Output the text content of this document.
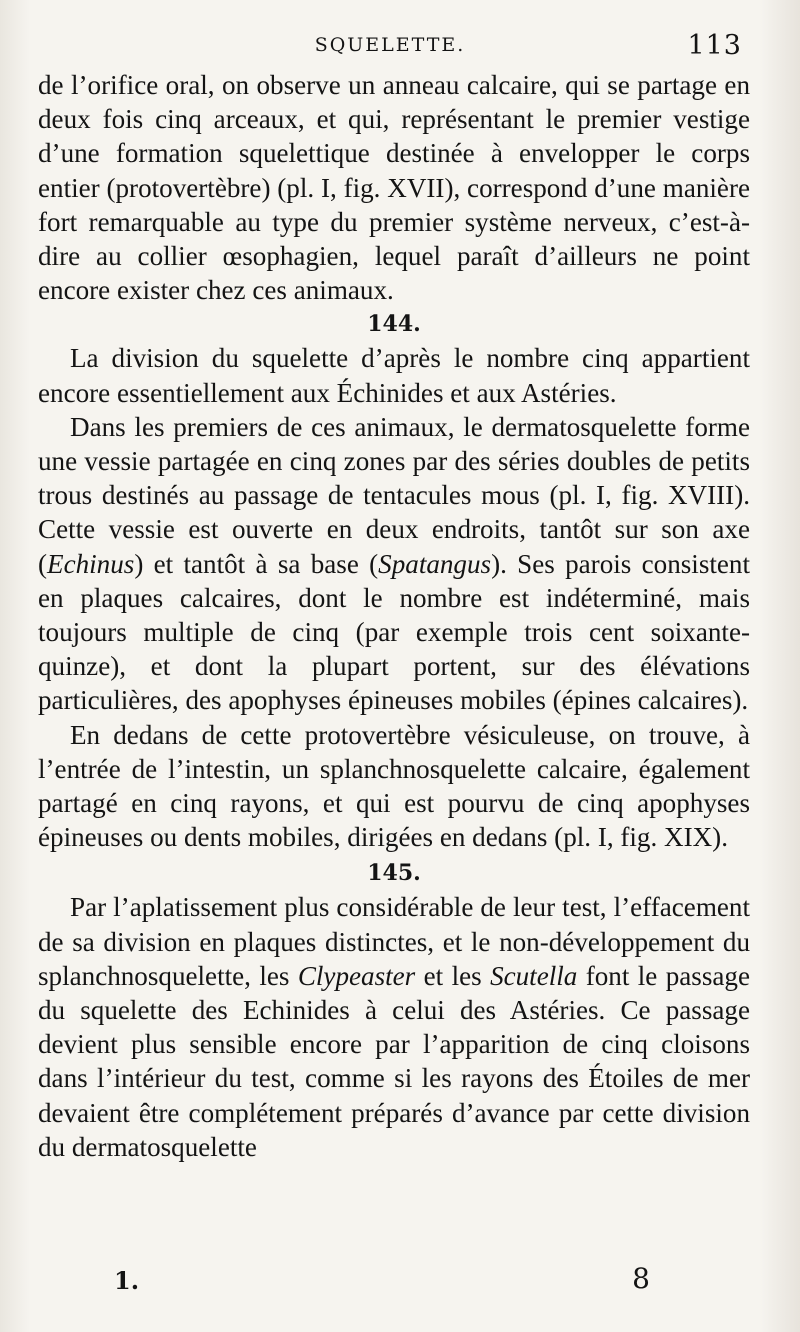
SQUELETTE.	113

de l’orifice oral, on observe un anneau calcaire, qui se partage en deux fois cinq arceaux, et qui, représentant le premier vestige d’une formation squelettique destinée à envelopper le corps entier (protovertèbre) (pl. I, fig. XVII), correspond d’une manière fort remarquable au type du premier système nerveux, c’est-à-dire au collier œsophagien, lequel paraît d’ailleurs ne point encore exister chez ces animaux.

144.

La division du squelette d’après le nombre cinq appartient encore essentiellement aux Échinides et aux Astéries.

Dans les premiers de ces animaux, le dermatosquelette forme une vessie partagée en cinq zones par des séries doubles de petits trous destinés au passage de tentacules mous (pl. I, fig. XVIII). Cette vessie est ouverte en deux endroits, tantôt sur son axe (Echinus) et tantôt à sa base (Spatangus). Ses parois consistent en plaques calcaires, dont le nombre est indéterminé, mais toujours multiple de cinq (par exemple trois cent soixante-quinze), et dont la plupart portent, sur des élévations particulières, des apophyses épineuses mobiles (épines calcaires).

En dedans de cette protovertèbre vésiculeuse, on trouve, à l’entrée de l’intestin, un splanchnosquelette calcaire, également partagé en cinq rayons, et qui est pourvu de cinq apophyses épineuses ou dents mobiles, dirigées en dedans (pl. I, fig. XIX).

145.

Par l’aplatissement plus considérable de leur test, l’effacement de sa division en plaques distinctes, et le non-développement du splanchnosquelette, les Clypeaster et les Scutella font le passage du squelette des Echinides à celui des Astéries. Ce passage devient plus sensible encore par l’apparition de cinq cloisons dans l’intérieur du test, comme si les rayons des Étoiles de mer devaient être complétement préparés d’avance par cette division du dermatosquelette

1.	8
